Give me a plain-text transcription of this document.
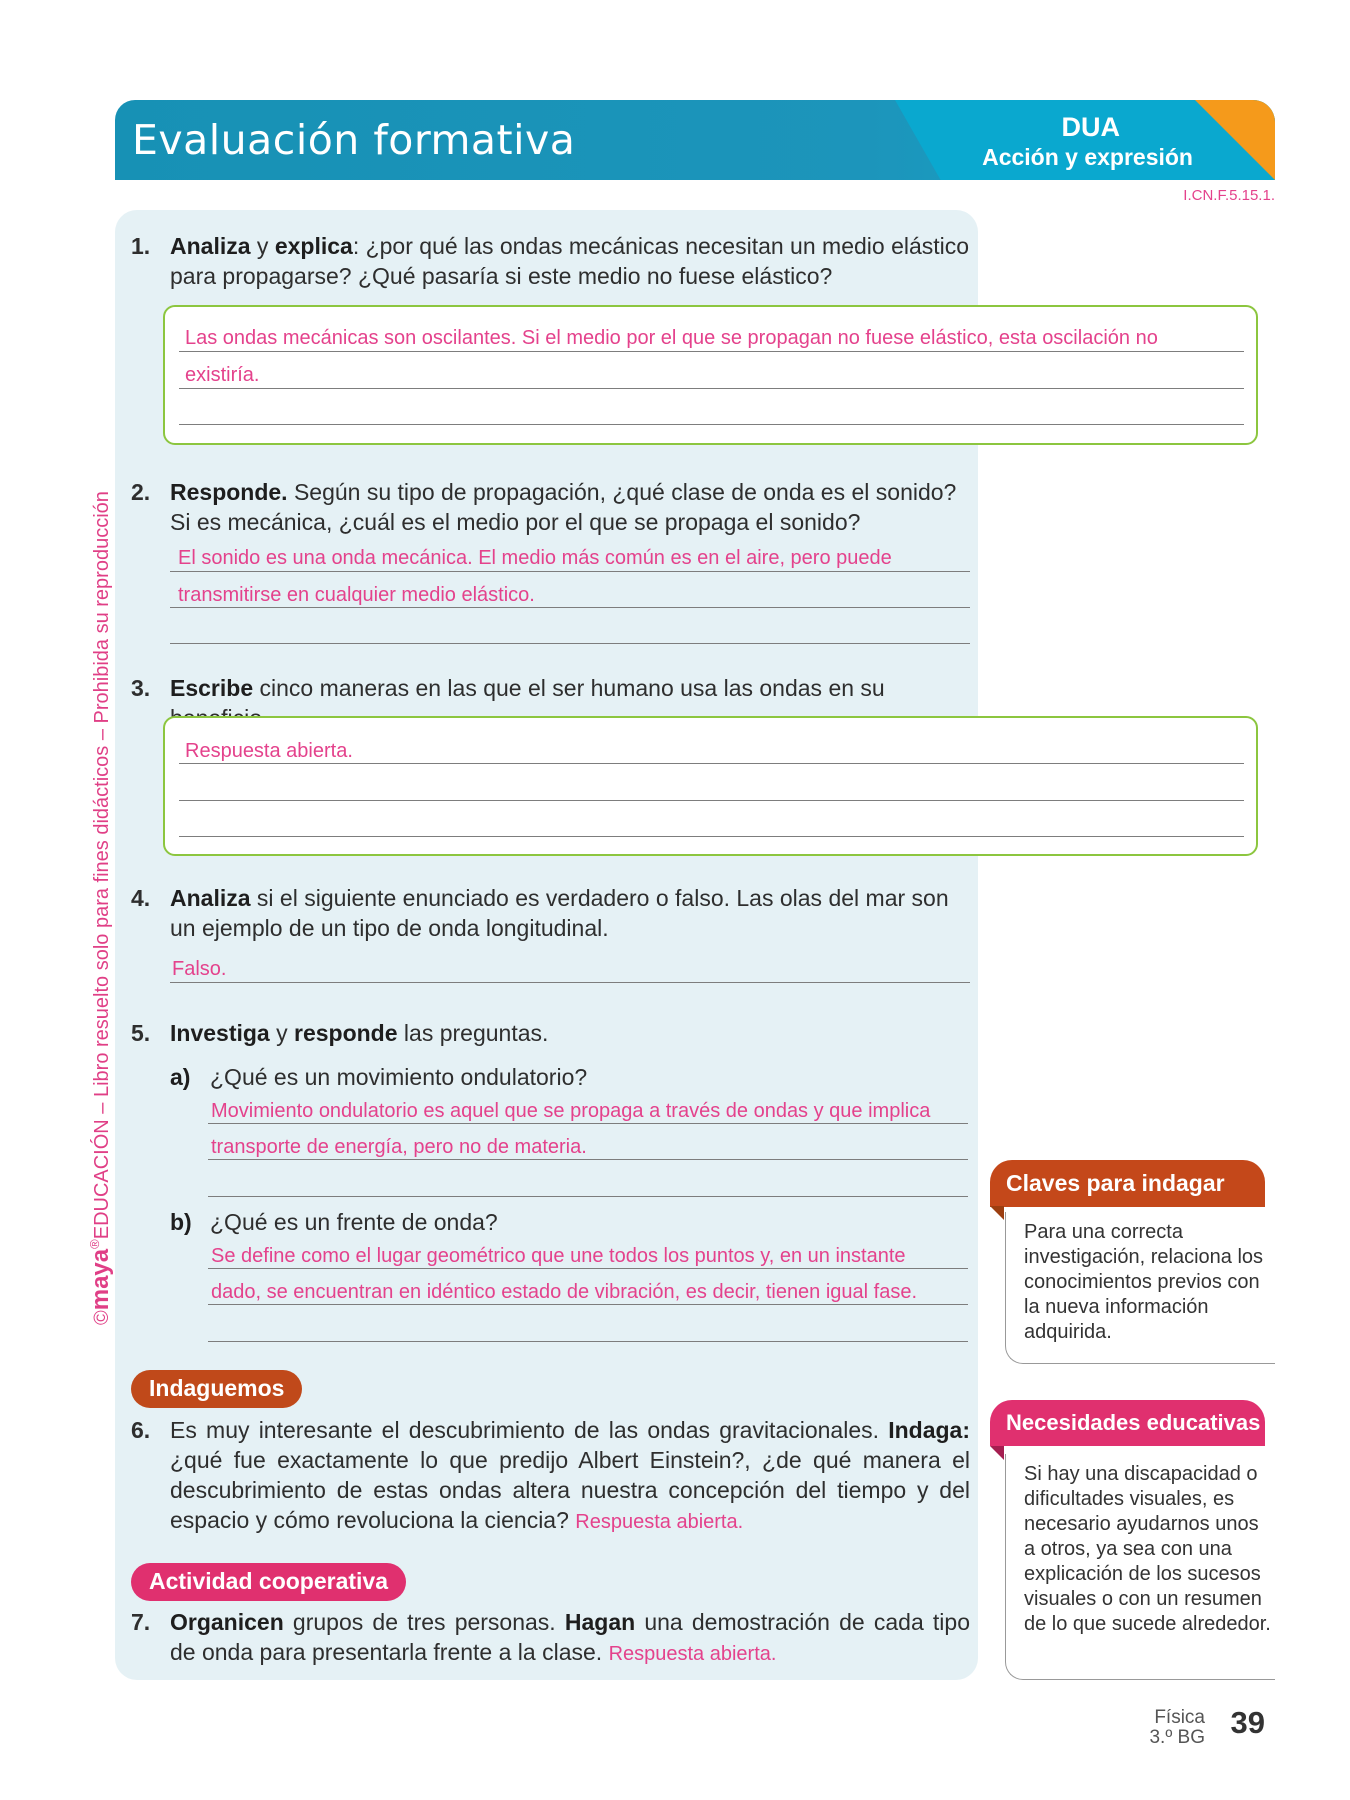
Evaluación formativa	DUA
Acción y expresión
I.CN.F.5.15.1.
©maya®EDUCACIÓN – Libro resuelto solo para fines didácticos – Prohibida su reproducción
1. Analiza y explica: ¿por qué las ondas mecánicas necesitan un medio elástico para propagarse? ¿Qué pasaría si este medio no fuese elástico?
Las ondas mecánicas son oscilantes. Si el medio por el que se propagan no fuese elástico, esta oscilación no
existiría.
2. Responde. Según su tipo de propagación, ¿qué clase de onda es el sonido? Si es mecánica, ¿cuál es el medio por el que se propaga el sonido?
El sonido es una onda mecánica. El medio más común es en el aire, pero puede
transmitirse en cualquier medio elástico.
3. Escribe cinco maneras en las que el ser humano usa las ondas en su
Respuesta abierta.
4. Analiza si el siguiente enunciado es verdadero o falso. Las olas del mar son un ejemplo de un tipo de onda longitudinal.
Falso.
5. Investiga y responde las preguntas.
a) ¿Qué es un movimiento ondulatorio?
Movimiento ondulatorio es aquel que se propaga a través de ondas y que implica
transporte de energía, pero no de materia.
b) ¿Qué es un frente de onda?
Se define como el lugar geométrico que une todos los puntos y, en un instante
dado, se encuentran en idéntico estado de vibración, es decir, tienen igual fase.
Indaguemos
6. Es muy interesante el descubrimiento de las ondas gravitacionales. Indaga: ¿qué fue exactamente lo que predijo Albert Einstein?, ¿de qué manera el descubrimiento de estas ondas altera nuestra concepción del tiempo y del espacio y cómo revoluciona la ciencia? Respuesta abierta.
Actividad cooperativa
7. Organicen grupos de tres personas. Hagan una demostración de cada tipo de onda para presentarla frente a la clase. Respuesta abierta.
Claves para indagar
Para una correcta investigación, relaciona los conocimientos previos con la nueva información adquirida.
Necesidades educativas
Si hay una discapacidad o dificultades visuales, es necesario ayudarnos unos a otros, ya sea con una explicación de los sucesos visuales o con un resumen de lo que sucede alrededor.
Física
3.º BG 39
